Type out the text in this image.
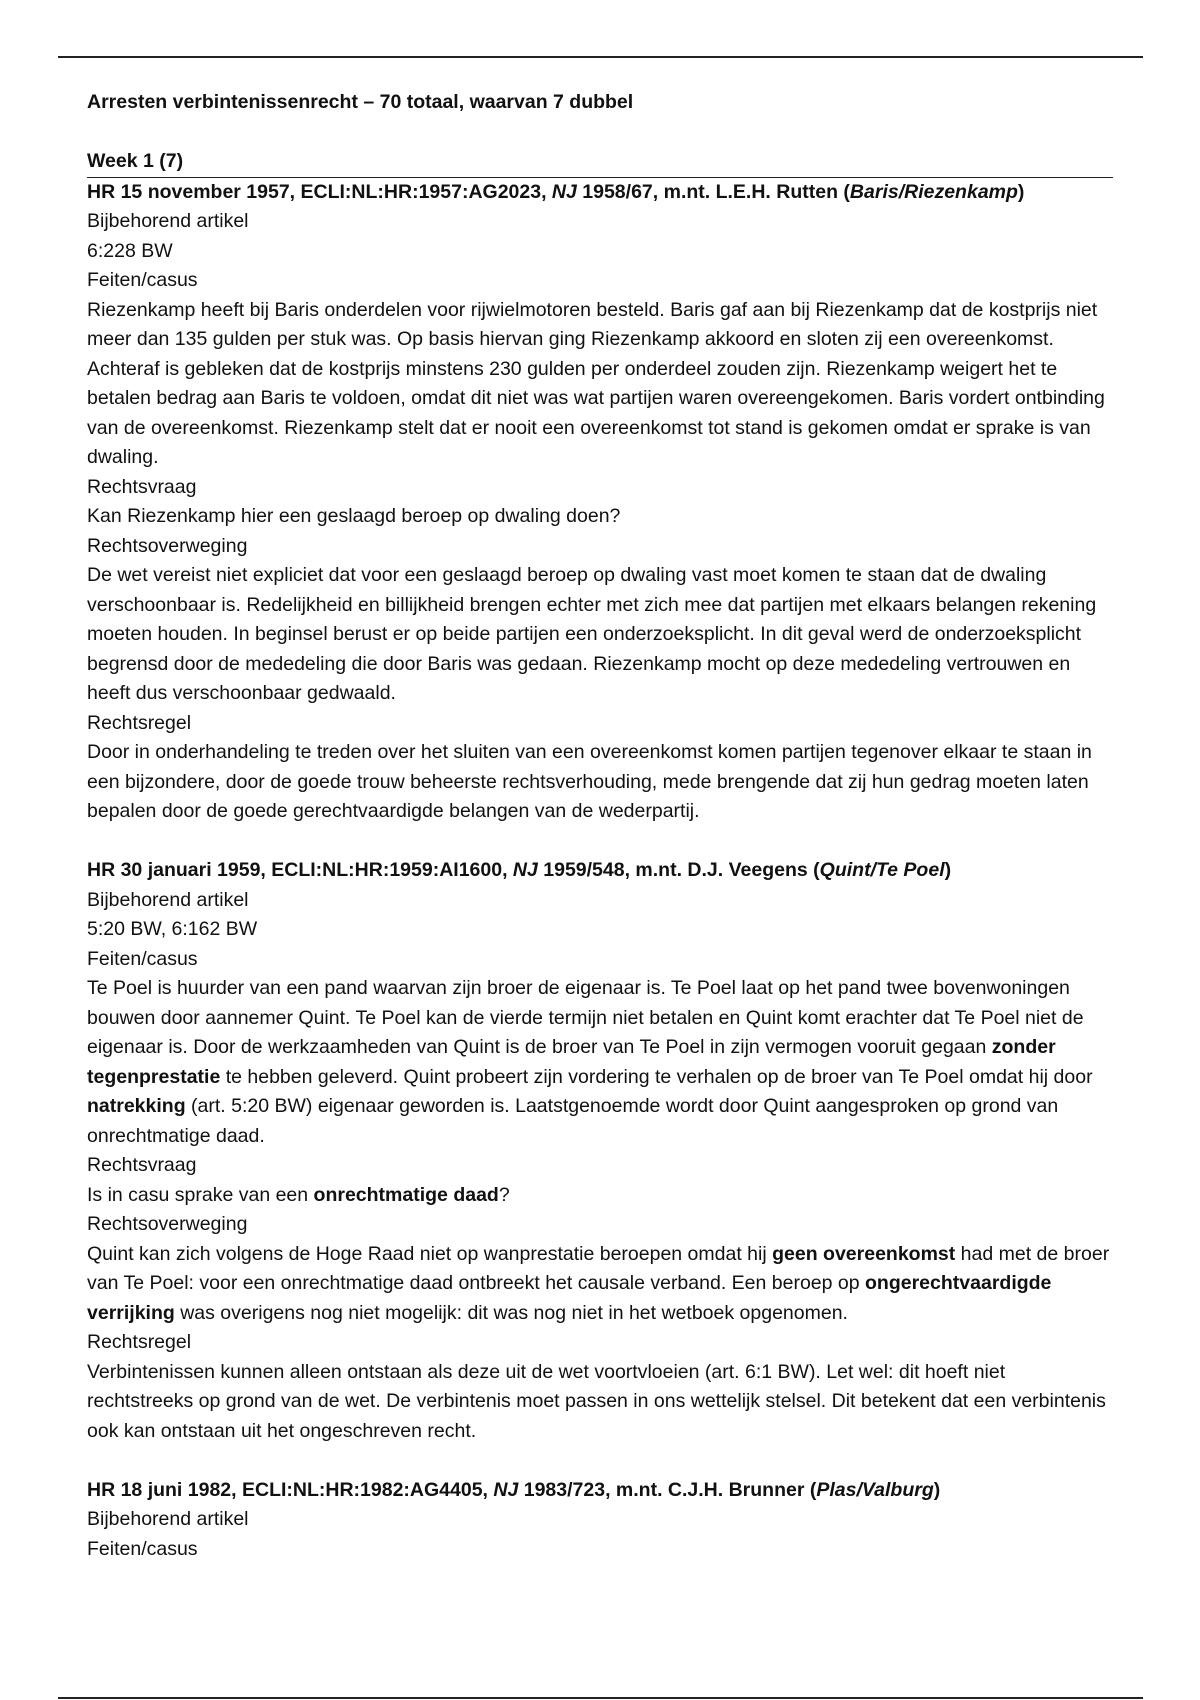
Arresten verbintenissenrecht – 70 totaal, waarvan 7 dubbel

Week 1 (7)
HR 15 november 1957, ECLI:NL:HR:1957:AG2023, NJ 1958/67, m.nt. L.E.H. Rutten (Baris/Riezenkamp)

Bijbehorend artikel

6:228 BW

Feiten/casus

Riezenkamp heeft bij Baris onderdelen voor rijwielmotoren besteld. Baris gaf aan bij Riezenkamp dat de kostprijs niet meer dan 135 gulden per stuk was. Op basis hiervan ging Riezenkamp akkoord en sloten zij een overeenkomst. Achteraf is gebleken dat de kostprijs minstens 230 gulden per onderdeel zouden zijn. Riezenkamp weigert het te betalen bedrag aan Baris te voldoen, omdat dit niet was wat partijen waren overeengekomen. Baris vordert ontbinding van de overeenkomst. Riezenkamp stelt dat er nooit een overeenkomst tot stand is gekomen omdat er sprake is van dwaling.

Rechtsvraag

Kan Riezenkamp hier een geslaagd beroep op dwaling doen?

Rechtsoverweging

De wet vereist niet expliciet dat voor een geslaagd beroep op dwaling vast moet komen te staan dat de dwaling verschoonbaar is. Redelijkheid en billijkheid brengen echter met zich mee dat partijen met elkaars belangen rekening moeten houden. In beginsel berust er op beide partijen een onderzoeksplicht. In dit geval werd de onderzoeksplicht begrensd door de mededeling die door Baris was gedaan. Riezenkamp mocht op deze mededeling vertrouwen en heeft dus verschoonbaar gedwaald.

Rechtsregel

Door in onderhandeling te treden over het sluiten van een overeenkomst komen partijen tegenover elkaar te staan in een bijzondere, door de goede trouw beheerste rechtsverhouding, mede brengende dat zij hun gedrag moeten laten bepalen door de goede gerechtvaardigde belangen van de wederpartij.

HR 30 januari 1959, ECLI:NL:HR:1959:AI1600, NJ 1959/548, m.nt. D.J. Veegens (Quint/Te Poel)

Bijbehorend artikel

5:20 BW, 6:162 BW

Feiten/casus

Te Poel is huurder van een pand waarvan zijn broer de eigenaar is. Te Poel laat op het pand twee bovenwoningen bouwen door aannemer Quint. Te Poel kan de vierde termijn niet betalen en Quint komt erachter dat Te Poel niet de eigenaar is. Door de werkzaamheden van Quint is de broer van Te Poel in zijn vermogen vooruit gegaan zonder tegenprestatie te hebben geleverd. Quint probeert zijn vordering te verhalen op de broer van Te Poel omdat hij door natrekking (art. 5:20 BW) eigenaar geworden is. Laatstgenoemde wordt door Quint aangesproken op grond van onrechtmatige daad.

Rechtsvraag

Is in casu sprake van een onrechtmatige daad?

Rechtsoverweging

Quint kan zich volgens de Hoge Raad niet op wanprestatie beroepen omdat hij geen overeenkomst had met de broer van Te Poel: voor een onrechtmatige daad ontbreekt het causale verband. Een beroep op ongerechtvaardigde verrijking was overigens nog niet mogelijk: dit was nog niet in het wetboek opgenomen.

Rechtsregel

Verbintenissen kunnen alleen ontstaan als deze uit de wet voortvloeien (art. 6:1 BW). Let wel: dit hoeft niet rechtstreeks op grond van de wet. De verbintenis moet passen in ons wettelijk stelsel. Dit betekent dat een verbintenis ook kan ontstaan uit het ongeschreven recht.

HR 18 juni 1982, ECLI:NL:HR:1982:AG4405, NJ 1983/723, m.nt. C.J.H. Brunner (Plas/Valburg)

Bijbehorend artikel

Feiten/casus
